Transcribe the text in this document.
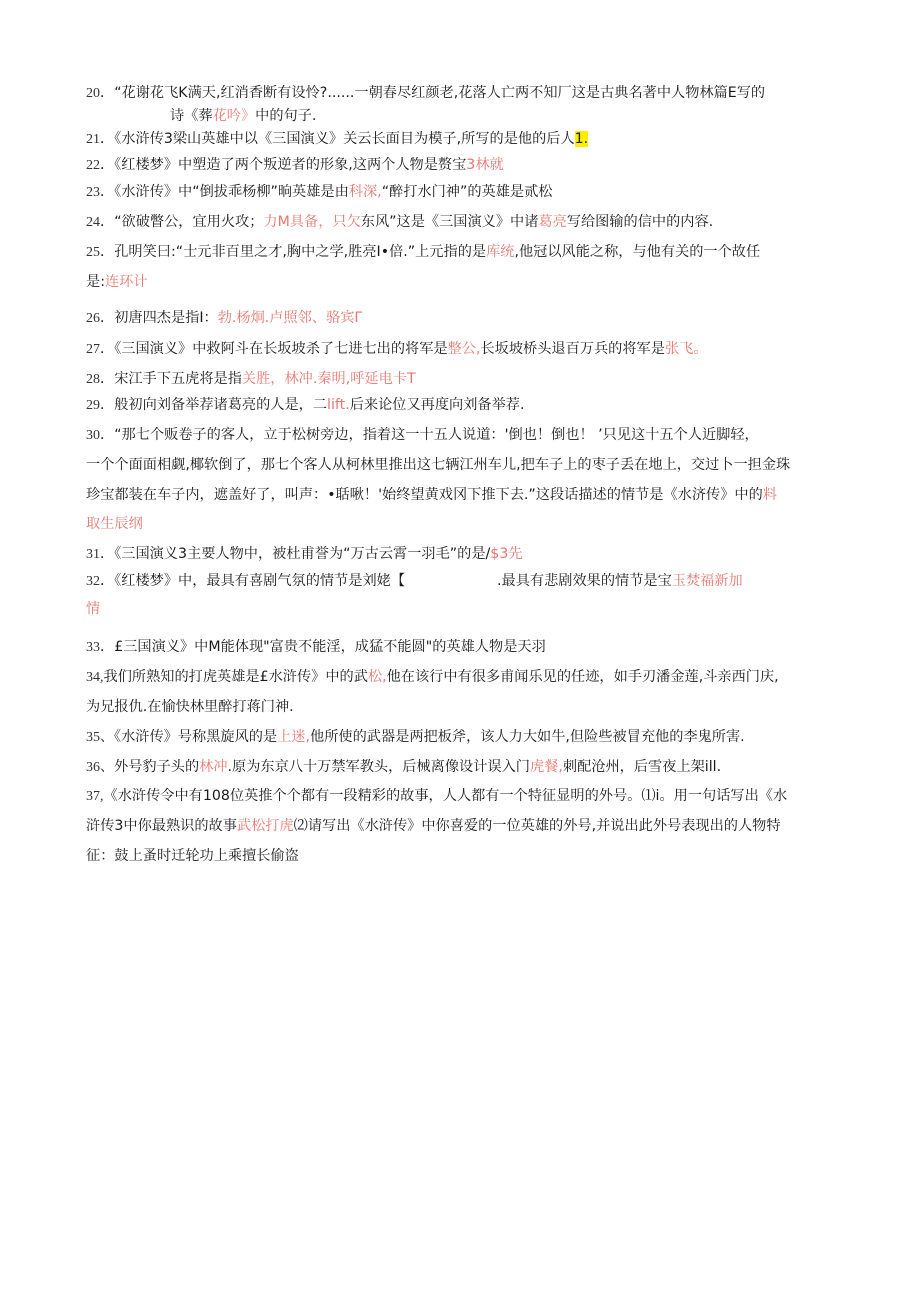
20．“花谢花飞K满天,红消香断有设怜?......一朝春尽红颜老,花落人亡两不知厂这是古典名著中人物林篇E写的
诗《葬花吟》中的句子.
21．《水浒传3梁山英雄中以《三国演义》关云长面目为模子,所写的是他的后人1.
22．《红楼梦》中塑造了两个叛逆者的形象,这两个人物是赘宝3林就
23．《水浒传》中“倒拔乖杨柳”晌英雄是由科深,“醉打水门神”的英雄是贰松
24．“欲破瞥公，宜用火攻；力M具备，只欠东风”这是《三国演义》中诸葛亮写给图输的信中的内容.
25．孔明笑曰:“士元非百里之才,胸中之学,胜亮I•倍.”上元指的是库统,他冠以风能之称，与他有关的一个故任
是:连环计
26．初唐四杰是指I：勃.杨炯.卢照邻、骆宾Γ
27．《三国演义》中救阿斗在长坂坡杀了七进七出的将军是整公,长坂坡桥头退百万兵的将军是张飞。
28．宋江手下五虎将是指关胜，林冲.秦明,呼延电卡T
29．般初向刘备举荐诸葛亮的人是，二lift.后来论位又再度向刘备举荐.
30．“那七个贩卷子的客人，立于松树旁边，指着这一十五人说道：'倒也！倒也！ ’只见这十五个人近脚轻，
一个个面面相觑,椰软倒了，那七个客人从柯林里推出这七辆江州车儿,把车子上的枣子丢在地上，交过卜一担金珠
珍宝都装在车子内，遮盖好了，叫声：•聒啾！'始终望黄戏冈下推下去.”这段话描述的情节是《水济传》中的料
取生辰纲
31．《三国演义3主要人物中，被杜甫誉为“万古云霄一羽毛”的是/$3先
32．《红楼梦》中，最具有喜剧气氛的情节是刘姥【	.最具有悲剧效果的情节是宝玉焚福新加
情
33．£三国演义》中M能体现"富贵不能淫，成猛不能圆"的英雄人物是天羽
34,我们所熟知的打虎英雄是£水浒传》中的武松,他在该行中有很多甫闻乐见的任迹，如手刃潘金莲,斗亲西门庆,
为兄报仇.在愉快林里醉打蒋门神.
35、《水浒传》号称黑旋风的是上迷,他所使的武器是两把板斧，该人力大如牛,但险些被冒充他的李鬼所害.
36、外号豹子头的林冲.原为东京八十万禁军教头，后械离像设计误入门虎餐,刺配沧州，后雪夜上架ill.
37,《水浒传令中有108位英推个个都有一段精彩的故事，人人都有一个特征显明的外号。⑴i。用一句话写出《水
浒传3中你最熟识的故事武松打虎⑵请写出《水浒传》中你喜爱的一位英雄的外号,并说出此外号表现出的人物特
征：鼓上蚤时迁轮功上乘擅长偷盗
